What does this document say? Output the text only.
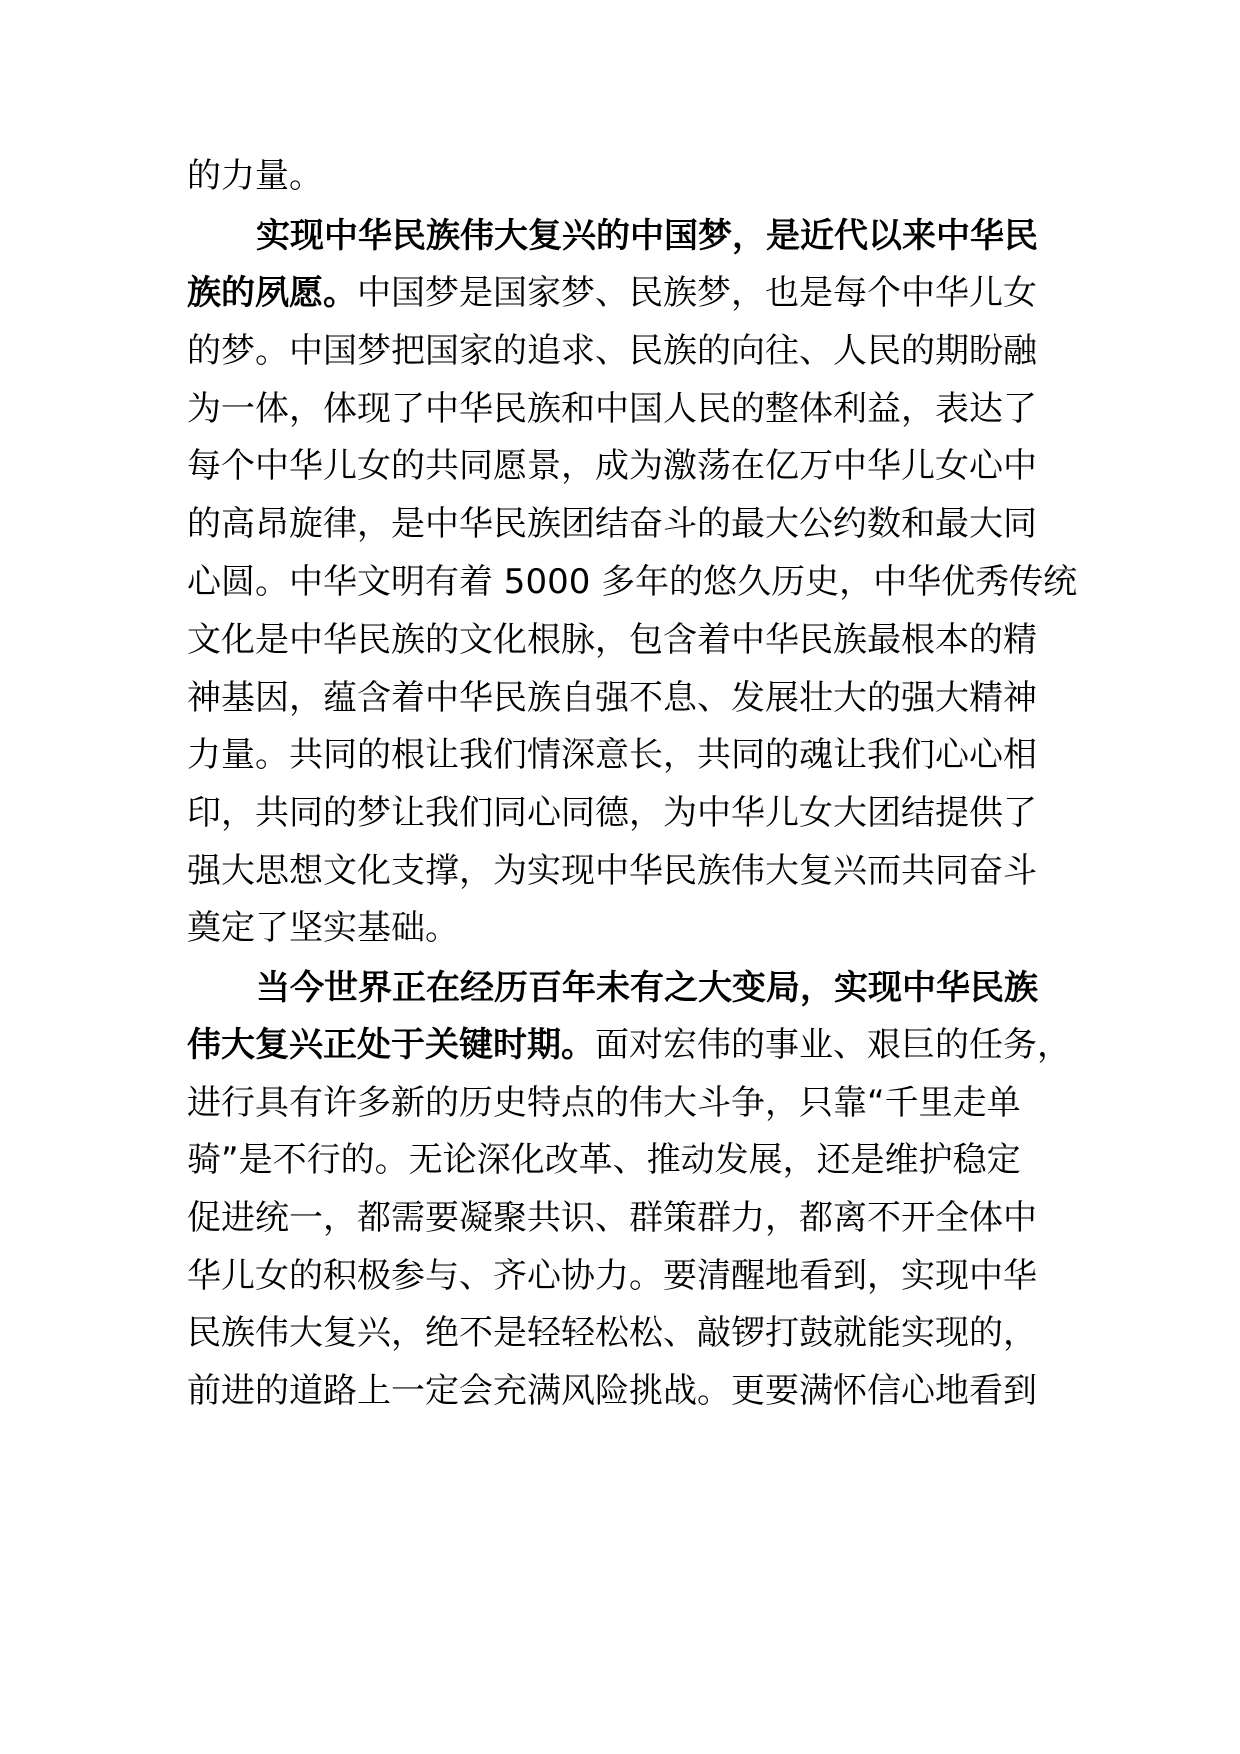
的力量。
实现中华民族伟大复兴的中国梦，是近代以来中华民
族的夙愿。中国梦是国家梦、民族梦，也是每个中华儿女
的梦。中国梦把国家的追求、民族的向往、人民的期盼融
为一体，体现了中华民族和中国人民的整体利益，表达了
每个中华儿女的共同愿景，成为激荡在亿万中华儿女心中
的高昂旋律，是中华民族团结奋斗的最大公约数和最大同
心圆。中华文明有着 5000 多年的悠久历史，中华优秀传统
文化是中华民族的文化根脉，包含着中华民族最根本的精
神基因，蕴含着中华民族自强不息、发展壮大的强大精神
力量。共同的根让我们情深意长，共同的魂让我们心心相
印，共同的梦让我们同心同德，为中华儿女大团结提供了
强大思想文化支撑，为实现中华民族伟大复兴而共同奋斗
奠定了坚实基础。
当今世界正在经历百年未有之大变局，实现中华民族
伟大复兴正处于关键时期。面对宏伟的事业、艰巨的任务，
进行具有许多新的历史特点的伟大斗争，只靠“千里走单
骑”是不行的。无论深化改革、推动发展，还是维护稳定
促进统一，都需要凝聚共识、群策群力，都离不开全体中
华儿女的积极参与、齐心协力。要清醒地看到，实现中华
民族伟大复兴，绝不是轻轻松松、敲锣打鼓就能实现的，
前进的道路上一定会充满风险挑战。更要满怀信心地看到
